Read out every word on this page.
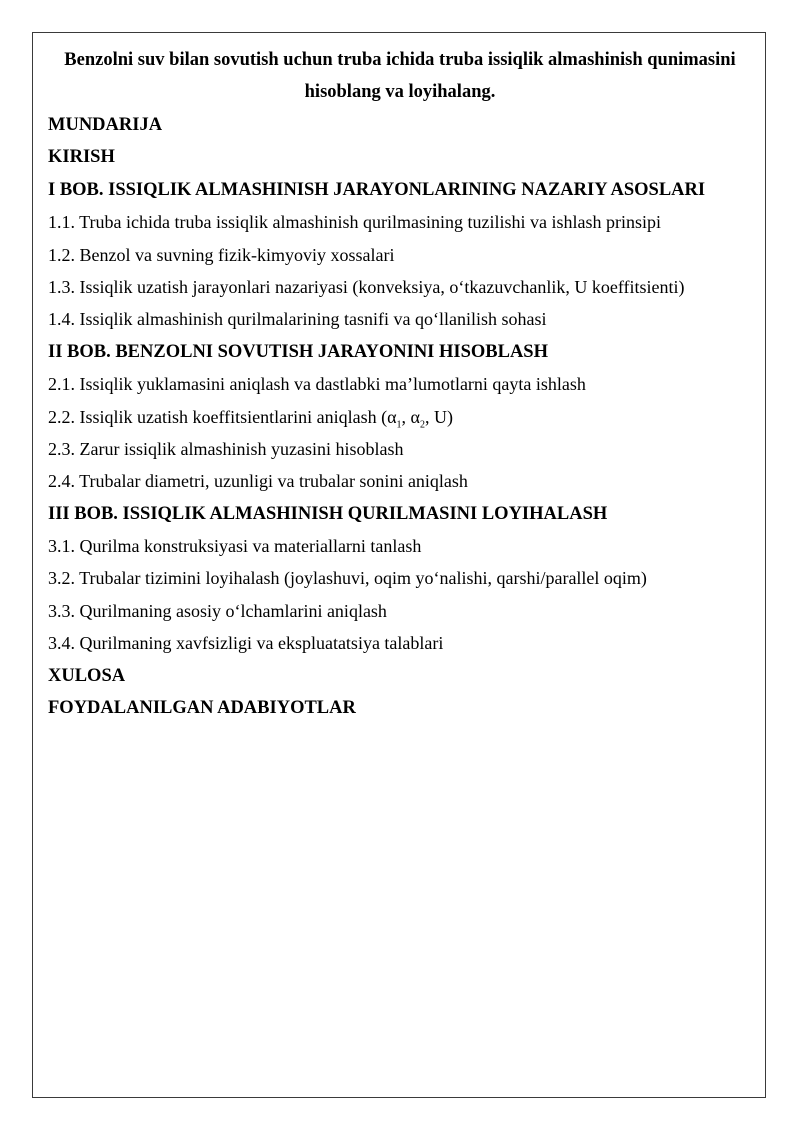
Benzolni suv bilan sovutish uchun truba ichida truba issiqlik almashinish qunimasini hisoblang va loyihalang.

MUNDARIJA
KIRISH
I BOB. ISSIQLIK ALMASHINISH JARAYONLARINING NAZARIY ASOSLARI
1.1. Truba ichida truba issiqlik almashinish qurilmasining tuzilishi va ishlash prinsipi
1.2. Benzol va suvning fizik-kimyoviy xossalari
1.3. Issiqlik uzatish jarayonlari nazariyasi (konveksiya, o‘tkazuvchanlik, U koeffitsienti)
1.4. Issiqlik almashinish qurilmalarining tasnifi va qo‘llanilish sohasi
II BOB. BENZOLNI SOVUTISH JARAYONINI HISOBLASH
2.1. Issiqlik yuklamasini aniqlash va dastlabki ma’lumotlarni qayta ishlash
2.2. Issiqlik uzatish koeffitsientlarini aniqlash ($\alpha_1$, $\alpha_2$, U)
2.3. Zarur issiqlik almashinish yuzasini hisoblash
2.4. Trubalar diametri, uzunligi va trubalar sonini aniqlash
III BOB. ISSIQLIK ALMASHINISH QURILMASINI LOYIHALASH
3.1. Qurilma konstruksiyasi va materiallarni tanlash
3.2. Trubalar tizimini loyihalash (joylashuvi, oqim yo‘nalishi, qarshi/parallel oqim)
3.3. Qurilmaning asosiy o‘lchamlarini aniqlash
3.4. Qurilmaning xavfsizligi va ekspluatatsiya talablari
XULOSA
FOYDALANILGAN ADABIYOTLAR
